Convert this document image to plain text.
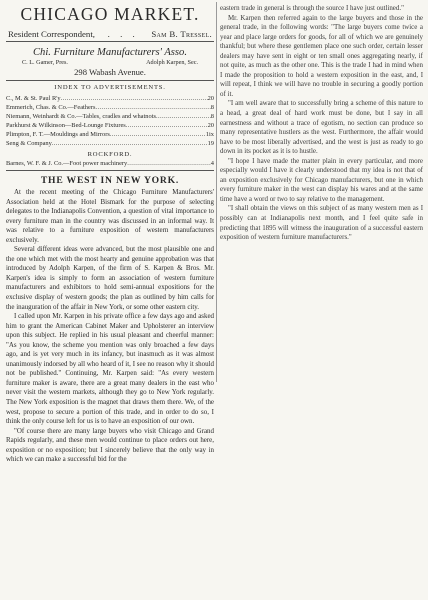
CHICAGO MARKET.
Resident Correspondent, . . . Sam B. Tressel.
Chi. Furniture Manufacturers' Asso.
C. L. Gamer, Pres.	Adolph Karpen, Sec.
298 Wabash Avenue.
INDEX TO ADVERTISEMENTS.
C., M. & St. Paul R'y .....	20
Emmerich, Chas. & Co.—Feathers .....	8
Niemann, Weinhardt & Co.—Tables, cradles and whatnots .....	8
Parkhurst & Wilkinson—Bed-Lounge Fixtures .....	20
Plimpton, F. T.—Mouldings and Mirrors .....	1ix
Seng & Company .....	19
ROCKFORD.
Barnes, W. F. & J. Co.—Foot power machinery .....	4
THE WEST IN NEW YORK.

At the recent meeting of the Chicago Furniture Manufacturers' Association held at the Hotel Bismark for the purpose of selecting delegates to the Indianapolis Convention, a question of vital importance to every furniture man in the country was discussed in an informal way. It was relative to a furniture exposition of western manufacturers exclusively.

Several different ideas were advanced, but the most plausible one and the one which met with the most hearty and genuine approbation was that introduced by Adolph Karpen, of the firm of S. Karpen & Bros. Mr. Karpen's idea is simply to form an association of western furniture manufacturers and exhibitors to hold semi-annual expositions for the exclusive display of western goods; the plan as outlined by him calls for the inauguration of the affair in New York, or some other eastern city.

I called upon Mr. Karpen in his private office a few days ago and asked him to grant the American Cabinet Maker and Upholsterer an interview upon this subject. He replied in his usual pleasant and cheerful manner: "As you know, the scheme you mention was only broached a few days ago, and is yet very much in its infancy, but inasmuch as it was almost unanimously indorsed by all who heard of it, I see no reason why it should not be published." Continuing, Mr. Karpen said: "As every western furniture maker is aware, there are a great many dealers in the east who never visit the western markets, although they go to New York regularly. The New York exposition is the magnet that draws them there. We, of the west, propose to secure a portion of this trade, and in order to do so, I think the only course left for us is to have an exposition of our own.

"Of course there are many large buyers who visit Chicago and Grand Rapids regularly, and these men would continue to place orders out here, exposition or no exposition; but I sincerely believe that the only way in which we can make a successful bid for the

eastern trade in general is through the source I have just outlined."

Mr. Karpen then referred again to the large buyers and those in the general trade, in the following words: "The large buyers come twice a year and place large orders for goods, for all of which we are genuinely thankful; but where these gentlemen place one such order, certain lesser dealers may have sent in eight or ten small ones aggregating nearly, if not quite, as much as the other one. This is the trade I had in mind when I made the proposition to hold a western exposition in the east, and, I will repeat, I think we will have no trouble in securing a goodly portion of it.

"I am well aware that to successfully bring a scheme of this nature to a head, a great deal of hard work must be done, but I say in all earnestness and without a trace of egotism, no section can produce so many representative hustlers as the west. Furthermore, the affair would have to be most liberally advertised, and the west is just as ready to go down in its pocket as it is to hustle.

"I hope I have made the matter plain in every particular, and more especially would I have it clearly understood that my idea is not that of an exposition exclusively for Chicago manufacturers, but one in which every furniture maker in the west can display his wares and at the same time have a word or two to say relative to the management.

"I shall obtain the views on this subject of as many western men as I possibly can at Indianapolis next month, and I feel quite safe in predicting that 1895 will witness the inauguration of a successful eastern exposition of western furniture manufacturers."
